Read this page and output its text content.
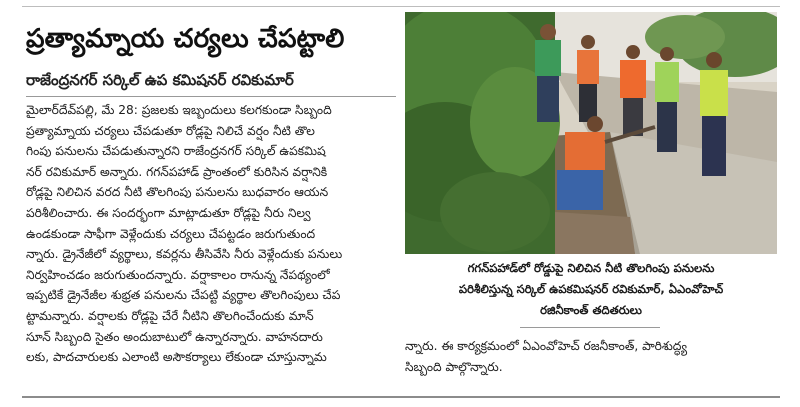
ప్రత్యామ్నాయ చర్యలు చేపట్టాలి
రాజేంద్రనగర్ సర్కిల్ ఉప కమిషనర్ రవికుమార్
మైలార్‌దేవ్‌పల్లి, మే 28: ప్రజలకు ఇబ్బందులు కలగకుండా సిబ్బంది
ప్రత్యామ్నాయ చర్యలు చేపడుతూ రోడ్లపై నిలిచే వర్షం నీటి తొల
గింపు పనులను చేపడుతున్నారని రాజేంద్రనగర్ సర్కిల్ ఉపకమిష
నర్ రవికుమార్ అన్నారు. గగన్‌పహాడ్ ప్రాంతంలో కురిసిన వర్షానికి
రోడ్లపై నిలిచిన వరద నీటి తొలగింపు పనులను బుధవారం ఆయన
పరిశీలించారు. ఈ సందర్భంగా మాట్లాడుతూ రోడ్లపై నీరు నిల్వ
ఉండకుండా సాఫీగా వెళ్లేందుకు చర్యలు చేపట్టడం జరుగుతుంద
న్నారు. డ్రైనేజీలో వ్యర్థాలు, కవర్లను తీసివేసి నీరు వెళ్లేందుకు పనులు
నిర్వహించడం జరుగుతుందన్నారు. వర్షాకాలం రానున్న నేపథ్యంలో
ఇప్పటికే డ్రైనేజీల శుభ్రత పనులను చేపట్టి వ్యర్థాల తొలగింపులు చేప
ట్టామన్నారు. వర్షాలకు రోడ్లపై చేరే నీటిని తొలగించేందుకు మాన్
సూన్ సిబ్బంది సైతం అందుబాటులో ఉన్నారన్నారు. వాహనదారు
లకు, పాదచారులకు ఎలాంటి అసౌకర్యాలు లేకుండా చూస్తున్నామ
గగన్‌పహాడ్‌లో రోడ్డుపై నిలిచిన నీటి తొలగింపు పనులను
పరిశీలిస్తున్న సర్కిల్ ఉపకమిషనర్ రవికుమార్, ఏఎంవోహెచ్
రజినీకాంత్ తదితరులు
న్నారు. ఈ కార్యక్రమంలో ఏఎంవోహెచ్ రజనీకాంత్, పారిశుద్ధ్య
సిబ్బంది పాల్గొన్నారు.
